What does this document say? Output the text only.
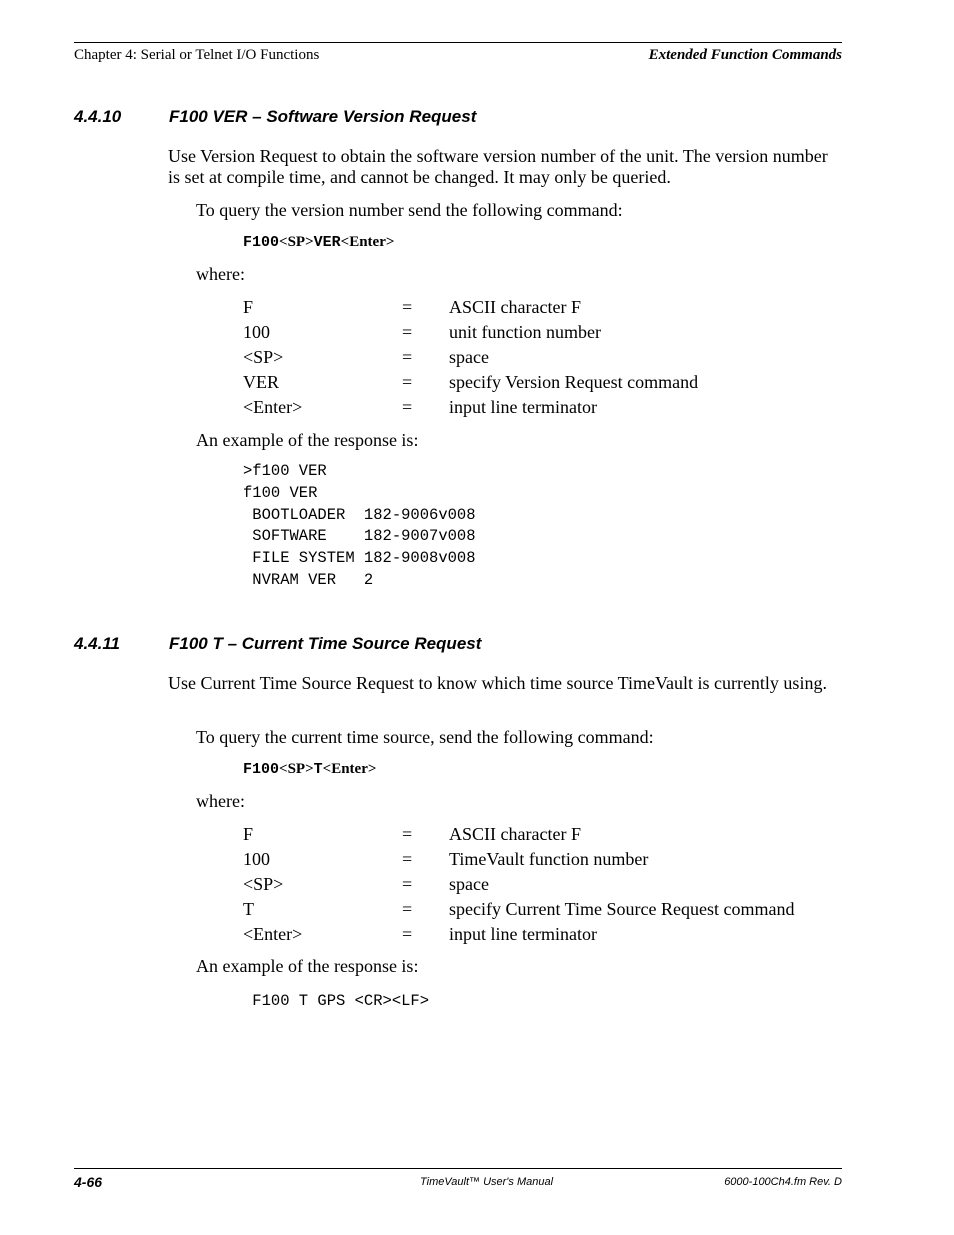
Chapter 4: Serial or Telnet I/O Functions	Extended Function Commands
4.4.10	F100 VER – Software Version Request
Use Version Request to obtain the software version number of the unit. The version number is set at compile time, and cannot be changed. It may only be queried.
To query the version number send the following command:
F100<SP>VER<Enter>
where:
F	= ASCII character F
100	= unit function number
<SP>	= space
VER	= specify Version Request command
<Enter>	= input line terminator
An example of the response is:
>f100 VER
f100 VER
BOOTLOADER  182-9006v008
SOFTWARE    182-9007v008
FILE SYSTEM 182-9008v008
NVRAM VER   2
4.4.11	F100 T – Current Time Source Request
Use Current Time Source Request to know which time source TimeVault is currently using.
To query the current time source, send the following command:
F100<SP>T<Enter>
where:
F	= ASCII character F
100	= TimeVault function number
<SP>	= space
T	= specify Current Time Source Request command
<Enter>	= input line terminator
An example of the response is:
F100 T GPS <CR><LF>
4-66	TimeVault™ User's Manual	6000-100Ch4.fm Rev. D
